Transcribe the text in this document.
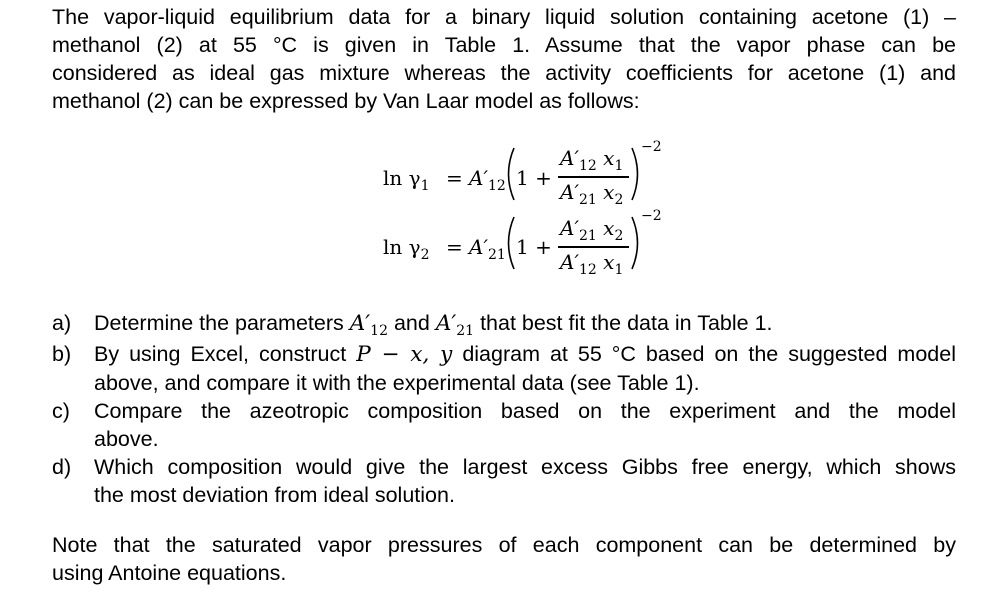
The vapor-liquid equilibrium data for a binary liquid solution containing acetone (1) –
methanol (2) at 55 °C is given in Table 1. Assume that the vapor phase can be
considered as ideal gas mixture whereas the activity coefficients for acetone (1) and
methanol (2) can be expressed by Van Laar model as follows:
$\ln \gamma_1 = A'_{12}$ 1 +
$A'_{12}$ $x_1$
$A'_{21}$ $x_2$
−2
$\ln \gamma_2 = A'_{21}$ 1 +
$A'_{21}$ $x_2$
$A'_{12}$ $x_1$
−2
a) Determine the parameters $A'_{12}$ and $A'_{21}$ that best fit the data in Table 1.
b) By using Excel, construct P − x, y diagram at 55 °C based on the suggested model
above, and compare it with the experimental data (see Table 1).
c) Compare the azeotropic composition based on the experiment and the model
above.
d) Which composition would give the largest excess Gibbs free energy, which shows
the most deviation from ideal solution.
Note that the saturated vapor pressures of each component can be determined by
using Antoine equations.
